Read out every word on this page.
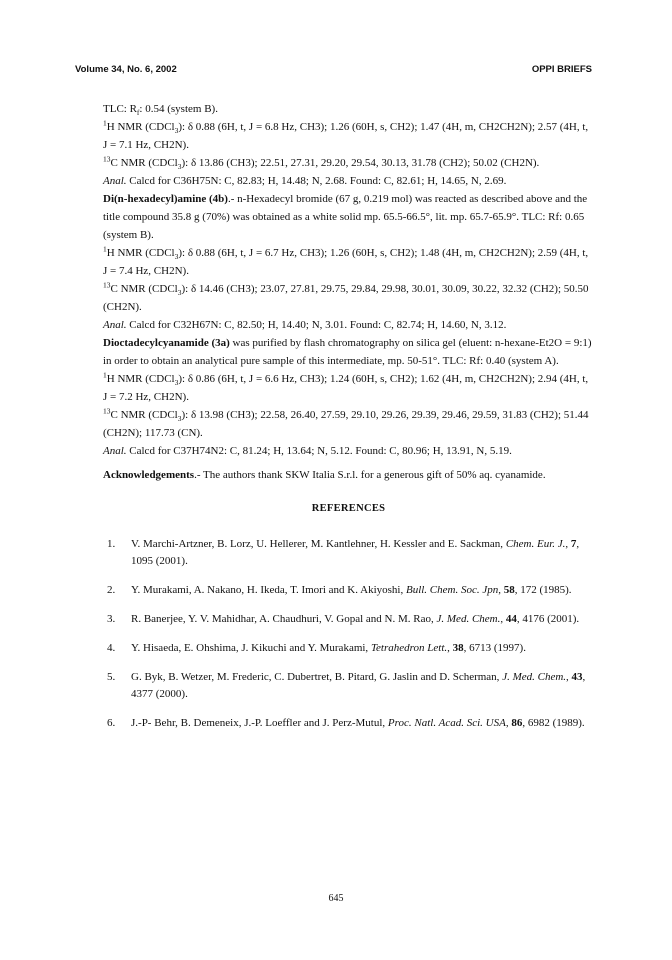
Volume 34, No. 6, 2002	OPPI BRIEFS

TLC: $R_f$: 0.54 (system B).

$^1$H NMR (CDCl$_3$): δ 0.88 (6H, t, J = 6.8 Hz, CH3); 1.26 (60H, s, CH2); 1.47 (4H, m, CH2CH2N); 2.57 (4H, t, J = 7.1 Hz, CH2N).

$^{13}$C NMR (CDCl$_3$): δ 13.86 (CH3); 22.51, 27.31, 29.20, 29.54, 30.13, 31.78 (CH2); 50.02 (CH2N).

Anal. Calcd for C36H75N: C, 82.83; H, 14.48; N, 2.68. Found: C, 82.61; H, 14.65, N, 2.69.

Di(n-hexadecyl)amine (4b).- n-Hexadecyl bromide (67 g, 0.219 mol) was reacted as described above and the title compound 35.8 g (70%) was obtained as a white solid mp. 65.5-66.5°, lit. mp. 65.7-65.9°. TLC: Rf: 0.65 (system B).

$^1$H NMR (CDCl$_3$): δ 0.88 (6H, t, J = 6.7 Hz, CH3); 1.26 (60H, s, CH2); 1.48 (4H, m, CH2CH2N); 2.59 (4H, t, J = 7.4 Hz, CH2N).

$^{13}$C NMR (CDCl$_3$): δ 14.46 (CH3); 23.07, 27.81, 29.75, 29.84, 29.98, 30.01, 30.09, 30.22, 32.32 (CH2); 50.50 (CH2N).

Anal. Calcd for C32H67N: C, 82.50; H, 14.40; N, 3.01. Found: C, 82.74; H, 14.60, N, 3.12.

Dioctadecylcyanamide (3a) was purified by flash chromatography on silica gel (eluent: n-hexane-Et2O = 9:1) in order to obtain an analytical pure sample of this intermediate, mp. 50-51°. TLC: Rf: 0.40 (system A).

$^1$H NMR (CDCl$_3$): δ 0.86 (6H, t, J = 6.6 Hz, CH3); 1.24 (60H, s, CH2); 1.62 (4H, m, CH2CH2N); 2.94 (4H, t, J = 7.2 Hz, CH2N).

$^{13}$C NMR (CDCl$_3$): δ 13.98 (CH3); 22.58, 26.40, 27.59, 29.10, 29.26, 29.39, 29.46, 29.59, 31.83 (CH2); 51.44 (CH2N); 117.73 (CN).

Anal. Calcd for C37H74N2: C, 81.24; H, 13.64; N, 5.12. Found: C, 80.96; H, 13.91, N, 5.19.

Acknowledgements.- The authors thank SKW Italia S.r.l. for a generous gift of 50% aq. cyanamide.

REFERENCES
1.	V. Marchi-Artzner, B. Lorz, U. Hellerer, M. Kantlehner, H. Kessler and E. Sackman, Chem. Eur. J., 7, 1095 (2001).
2.	Y. Murakami, A. Nakano, H. Ikeda, T. Imori and K. Akiyoshi, Bull. Chem. Soc. Jpn, 58, 172 (1985).
3.	R. Banerjee, Y. V. Mahidhar, A. Chaudhuri, V. Gopal and N. M. Rao, J. Med. Chem., 44, 4176 (2001).
4.	Y. Hisaeda, E. Ohshima, J. Kikuchi and Y. Murakami, Tetrahedron Lett., 38, 6713 (1997).
5.	G. Byk, B. Wetzer, M. Frederic, C. Dubertret, B. Pitard, G. Jaslin and D. Scherman, J. Med. Chem., 43, 4377 (2000).
6.	J.-P- Behr, B. Demeneix, J.-P. Loeffler and J. Perz-Mutul, Proc. Natl. Acad. Sci. USA, 86, 6982 (1989).
645
